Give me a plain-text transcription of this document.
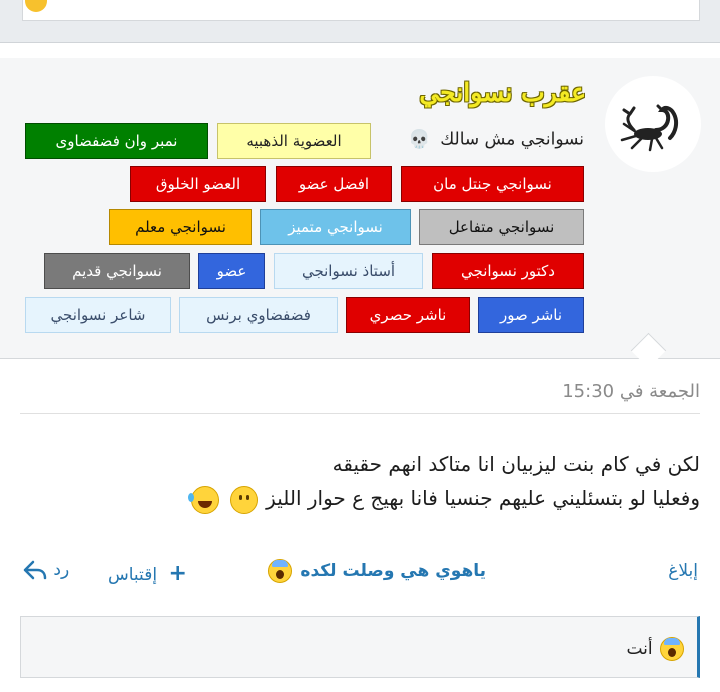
عقرب نسوانجي
نسوانجي مش سالك 💀
العضوية الذهبيه
نمبر وان فضفضاوى
نسوانجي جنتل مان
افضل عضو
العضو الخلوق
نسوانجي متفاعل
نسوانجي متميز
نسوانجي معلم
دكتور نسوانجي
أستاذ نسوانجي
عضو
نسوانجي قديم
ناشر صور
ناشر حصري
فضفضاوي برنس
شاعر نسوانجي
الجمعة في 15:30
لكن في كام بنت ليزبيان انا متاكد انهم حقيقه
وفعليا لو بتسئليني عليهم جنسيا فانا بهيج ع حوار الليز
إبلاغ
ياهوي هي وصلت لكده
+ إقتباس
رد
أنت
